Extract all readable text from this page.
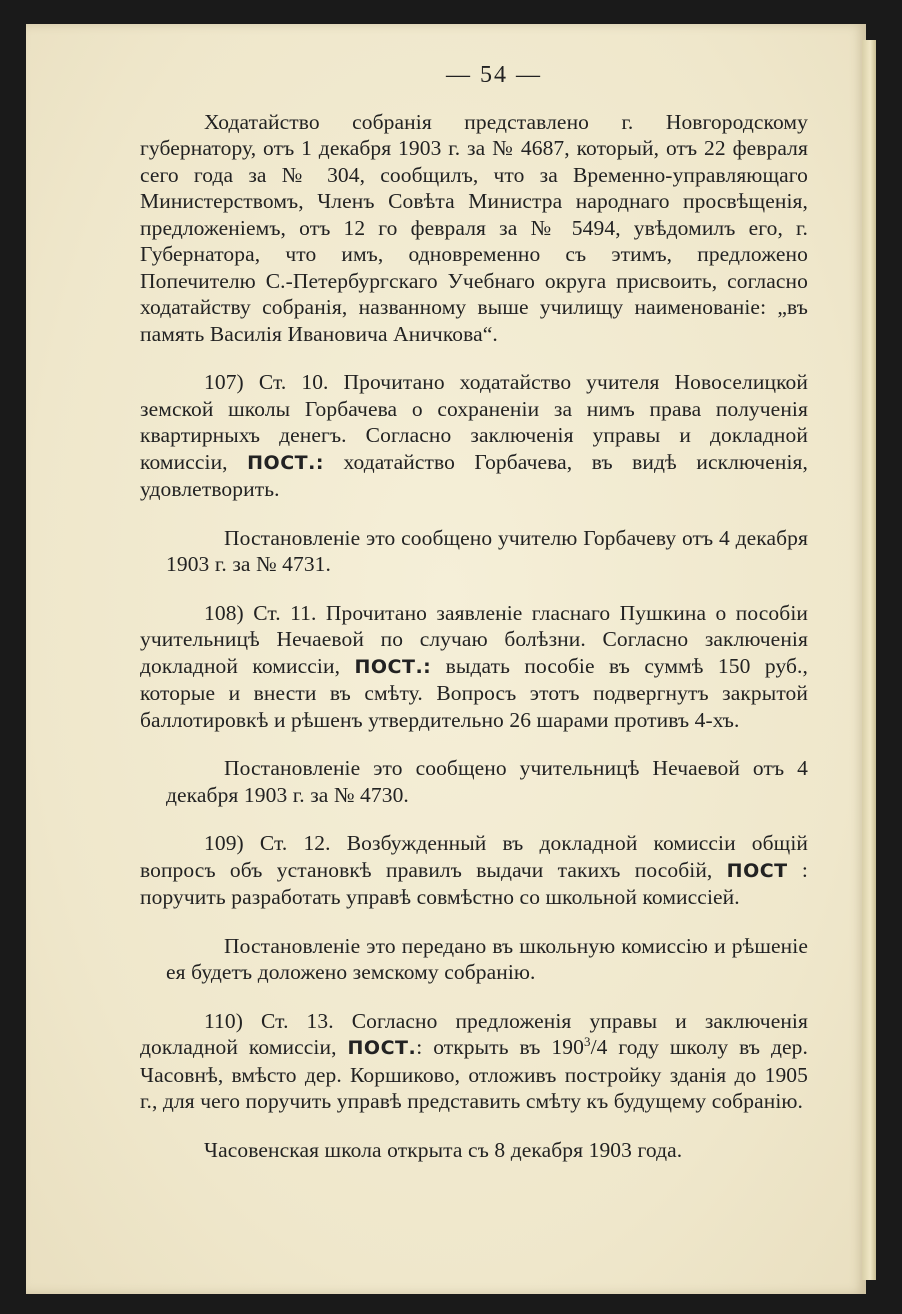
— 54 —

Ходатайство собранія представлено г. Новгородскому губернатору, отъ 1 декабря 1903 г. за № 4687, который, отъ 22 февраля сего года за № 304, сообщилъ, что за Временно-управляющаго Министерствомъ, Членъ Совѣта Министра народнаго просвѣщенія, предложеніемъ, отъ 12 го февраля за № 5494, увѣдомилъ его, г. Губернатора, что имъ, одновременно съ этимъ, предложено Попечителю С.-Петербургскаго Учебнаго округа присвоить, согласно ходатайству собранія, названному выше училищу наименованіе: „въ память Василія Ивановича Аничкова“.

107) Ст. 10. Прочитано ходатайство учителя Новоселицкой земской школы Горбачева о сохраненіи за нимъ права полученія квартирныхъ денегъ. Согласно заключенія управы и докладной комиссіи, ПОСТ.: ходатайство Горбачева, въ видѣ исключенія, удовлетворить.

Постановленіе это сообщено учителю Горбачеву отъ 4 декабря 1903 г. за № 4731.

108) Ст. 11. Прочитано заявленіе гласнаго Пушкина о пособіи учительницѣ Нечаевой по случаю болѣзни. Согласно заключенія докладной комиссіи, ПОСТ.: выдать пособіе въ суммѣ 150 руб., которые и внести въ смѣту. Вопросъ этотъ подвергнутъ закрытой баллотировкѣ и рѣшенъ утвердительно 26 шарами противъ 4-хъ.

Постановленіе это сообщено учительницѣ Нечаевой отъ 4 декабря 1903 г. за № 4730.

109) Ст. 12. Возбужденный въ докладной комиссіи общій вопросъ объ установкѣ правилъ выдачи такихъ пособій, ПОСТ : поручить разработать управѣ совмѣстно со школьной комиссіей.

Постановленіе это передано въ школьную комиссію и рѣшеніе ея будетъ доложено земскому собранію.

110) Ст. 13. Согласно предложенія управы и заключенія докладной комиссіи, ПОСТ.: открыть въ $190^3/4$ году школу въ дер. Часовнѣ, вмѣсто дер. Коршиково, отложивъ постройку зданія до 1905 г., для чего поручить управѣ представить смѣту къ будущему собранію.

Часовенская школа открыта съ 8 декабря 1903 года.
